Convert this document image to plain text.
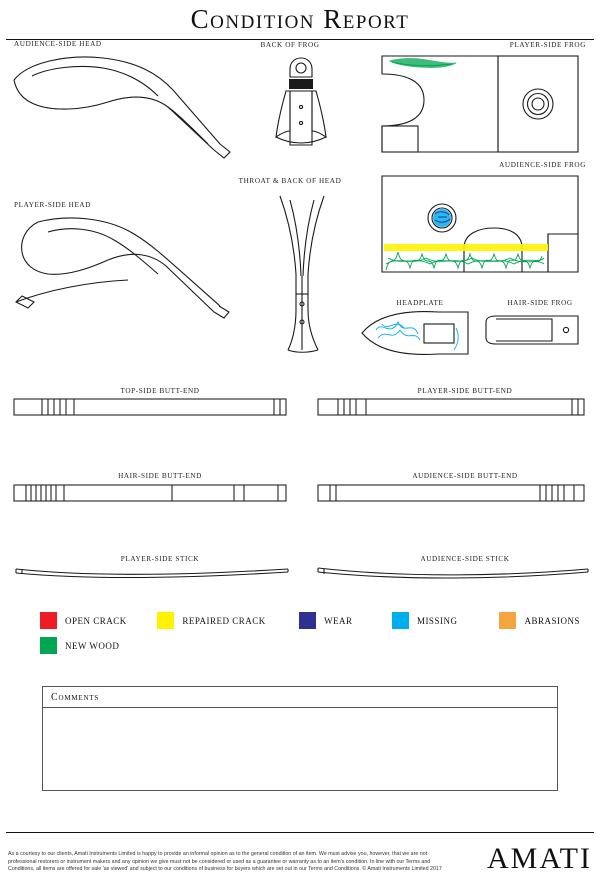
Condition Report
AUDIENCE-SIDE HEAD	BACK OF FROG	PLAYER-SIDE FROG
AUDIENCE-SIDE FROG
PLAYER-SIDE HEAD
THROAT & BACK OF HEAD
HEADPLATE	HAIR-SIDE FROG
TOP-SIDE BUTT-END	PLAYER-SIDE BUTT-END
HAIR-SIDE BUTT-END	AUDIENCE-SIDE BUTT-END
PLAYER-SIDE STICK	AUDIENCE-SIDE STICK
OPEN CRACK	REPAIRED CRACK	WEAR	MISSING	ABRASIONS
NEW WOOD
Comments
As a courtesy to our clients, Amati Instruments Limited is happy to provide an informal opinion as to the general condition of an item. We must advise you, however, that we are not professional restorers or instrument makers and any opinion we give must not be considered or used as a guarantee or warranty as to an item's condition. In line with our Terms and Conditions, all items are offered for sale 'as viewed' and subject to our conditions of business for buyers which are set out in our Terms and Conditions. © Amati Instruments Limited 2017 AMATI
